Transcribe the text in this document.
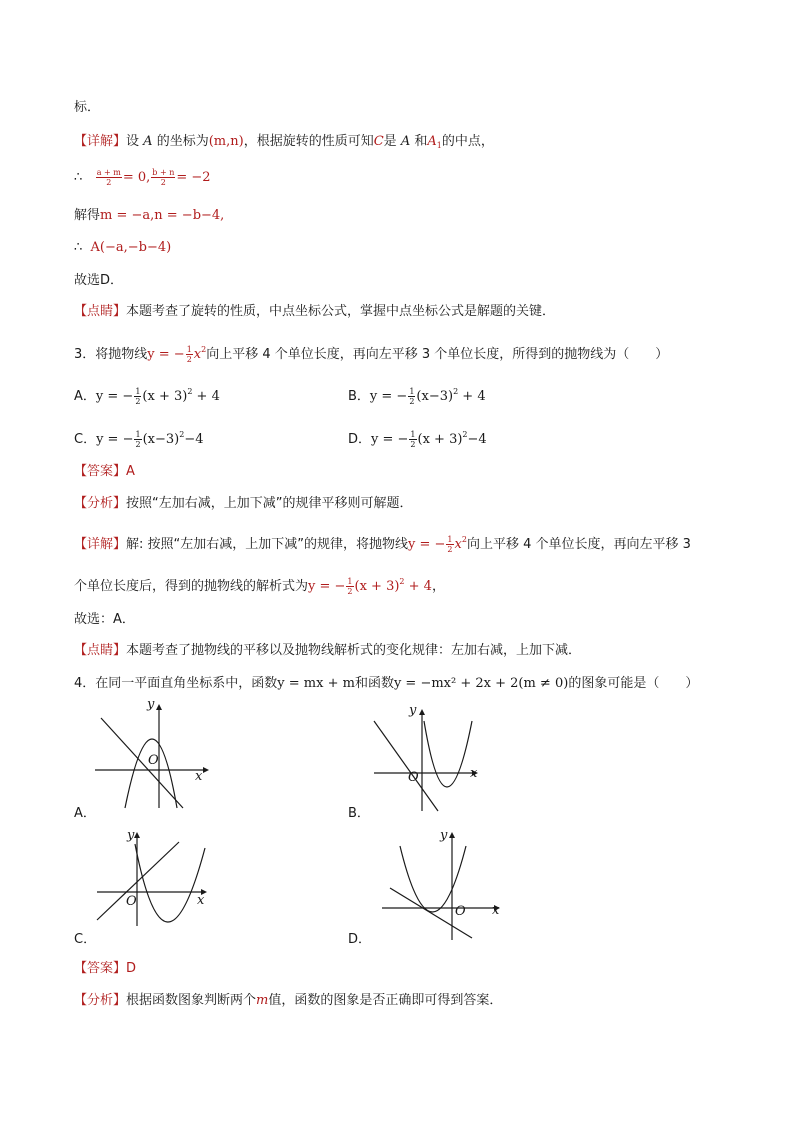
标．
【详解】设 A 的坐标为(m,n)，根据旋转的性质可知C是 A 和$A_1$的中点，
∴ $\frac{a + m}{2} = 0$, $\frac{b + n}{2} = -2$
解得m = −a,n = −b−4,
∴ A(−a,−b−4)
故选D．
【点睛】本题考查了旋转的性质，中点坐标公式，掌握中点坐标公式是解题的关键．
3．将抛物线y = − $\frac{1}{2} x^2$向上平移 4 个单位长度，再向左平移 3 个单位长度，所得到的抛物线为（　　）
A．y = − $\frac{1}{2} (x + 3)^2 + 4$	B．y = − $\frac{1}{2} (x-3)^2 + 4$
C．y = − $\frac{1}{2} (x-3)^2-4$	D．y = − $\frac{1}{2} (x + 3)^2-4$
【答案】A
【分析】按照“左加右减，上加下减”的规律平移则可解题．
【详解】解: 按照“左加右减，上加下减”的规律，将抛物线y = − $\frac{1}{2} x^2$向上平移 4 个单位长度，再向左平移 3
个单位长度后，得到的抛物线的解析式为y = − $\frac{1}{2} (x + 3)^2 + 4$，
故选：A．
【点睛】本题考查了抛物线的平移以及抛物线解析式的变化规律：左加右减，上加下减．
4．在同一平面直角坐标系中，函数y = mx + m和函数y = −mx² + 2x + 2(m ≠ 0)的图象可能是（　　）
y
x
O
A．
y
x
O
B．
y
x
O
C．
y
x
O
D．
【答案】D
【分析】根据函数图象判断两个m值，函数的图象是否正确即可得到答案．
